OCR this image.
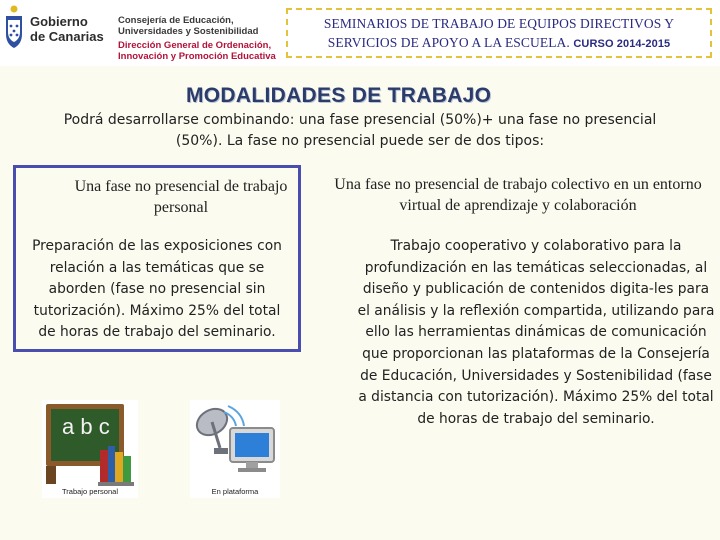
Gobierno
de Canarias
Consejería de Educación,
Universidades y Sostenibilidad
Dirección General de Ordenación,
Innovación y Promoción Educativa
SEMINARIOS DE TRABAJO DE EQUIPOS DIRECTIVOS Y
SERVICIOS DE APOYO A LA ESCUELA. CURSO 2014-2015
MODALIDADES DE TRABAJO
Podrá desarrollarse combinando: una fase presencial (50%)+ una fase no presencial
(50%). La fase no presencial puede ser de dos tipos:
Una fase no presencial de trabajo personal
Preparación de las exposiciones con relación a las temáticas que se aborden (fase no presencial sin tutorización). Máximo 25% del total de horas de trabajo del seminario.
Una fase no presencial de trabajo colectivo en un entorno virtual de aprendizaje y colaboración
Trabajo cooperativo y colaborativo para la profundización en las temáticas seleccionadas, al diseño y publicación de contenidos digita-les para el análisis y la reflexión compartida, utilizando para ello las herramientas dinámicas de comunicación que proporcionan las plataformas de la Consejería de Educación, Universidades y Sostenibilidad (fase a distancia con tutorización). Máximo 25% del total de horas de trabajo del seminario.
a b c
Trabajo personal	En plataforma
